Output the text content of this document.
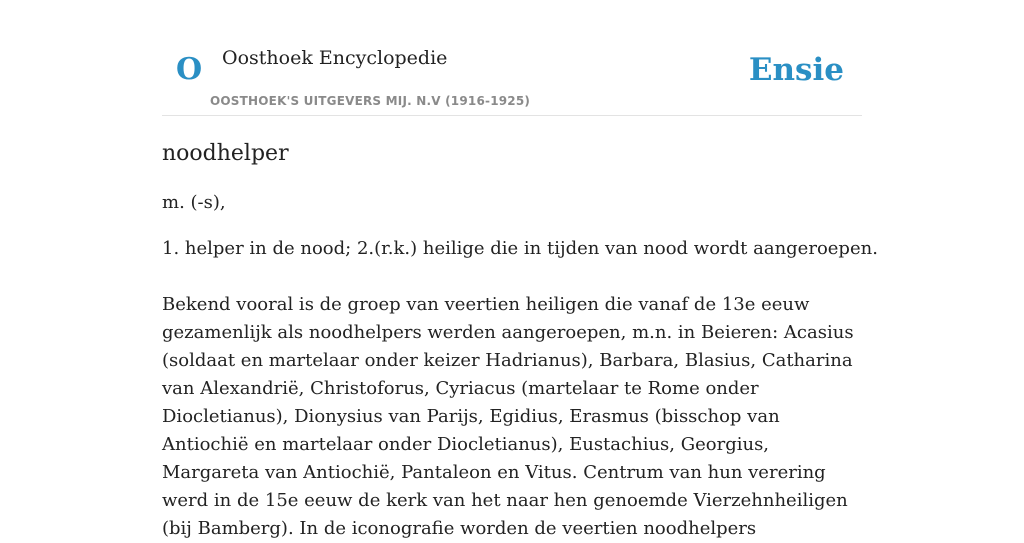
O Oosthoek Encyclopedie
OOSTHOEK'S UITGEVERS MIJ. N.V (1916-1925)
Ensie
noodhelper

m. (-s),

1. helper in de nood; 2.(r.k.) heilige die in tijden van nood wordt aangeroepen.

Bekend vooral is de groep van veertien heiligen die vanaf de 13e eeuw gezamenlijk als noodhelpers werden aangeroepen, m.n. in Beieren: Acasius (soldaat en martelaar onder keizer Hadrianus), Barbara, Blasius, Catharina van Alexandrië, Christoforus, Cyriacus (martelaar te Rome onder Diocletianus), Dionysius van Parijs, Egidius, Erasmus (bisschop van Antiochië en martelaar onder Diocletianus), Eustachius, Georgius, Margareta van Antiochië, Pantaleon en Vitus. Centrum van hun verering werd in de 15e eeuw de kerk van het naar hen genoemde Vierzehnheiligen (bij Bamberg). In de iconografie worden de veertien noodhelpers
